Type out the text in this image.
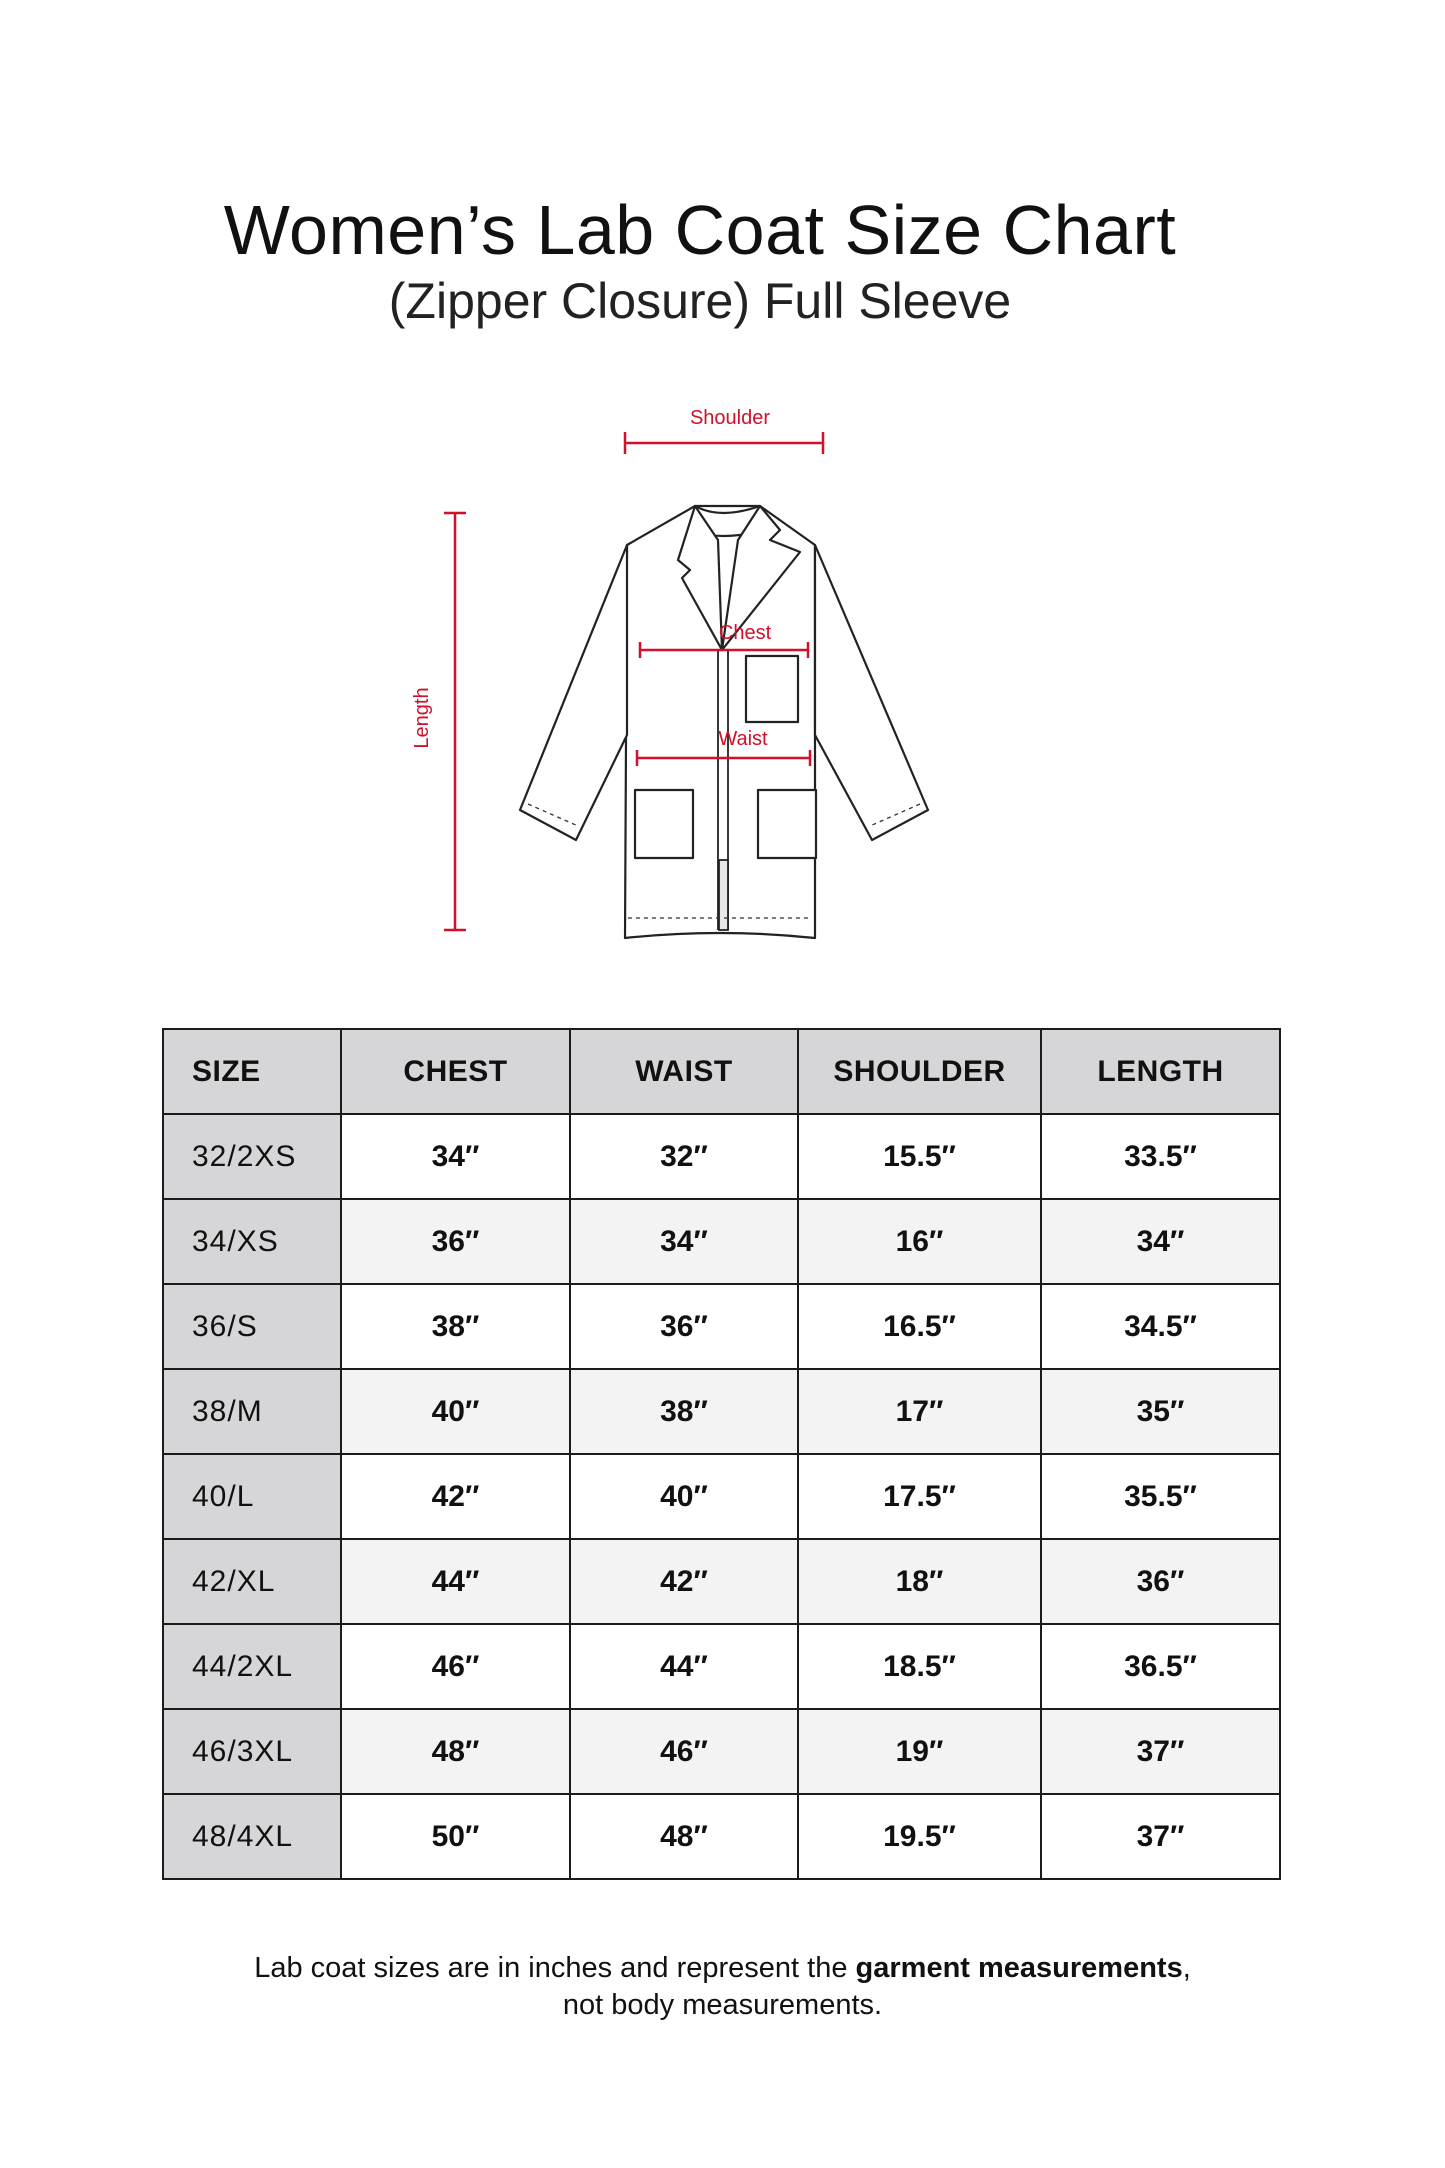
Women’s Lab Coat Size Chart
(Zipper Closure) Full Sleeve
Shoulder
Length
Chest
Waist
SIZE	CHEST	WAIST	SHOULDER	LENGTH
32/2XS	34″	32″	15.5″	33.5″
34/XS	36″	34″	16″	34″
36/S	38″	36″	16.5″	34.5″
38/M	40″	38″	17″	35″
40/L	42″	40″	17.5″	35.5″
42/XL	44″	42″	18″	36″
44/2XL	46″	44″	18.5″	36.5″
46/3XL	48″	46″	19″	37″
48/4XL	50″	48″	19.5″	37″
Lab coat sizes are in inches and represent the garment measurements,
not body measurements.
